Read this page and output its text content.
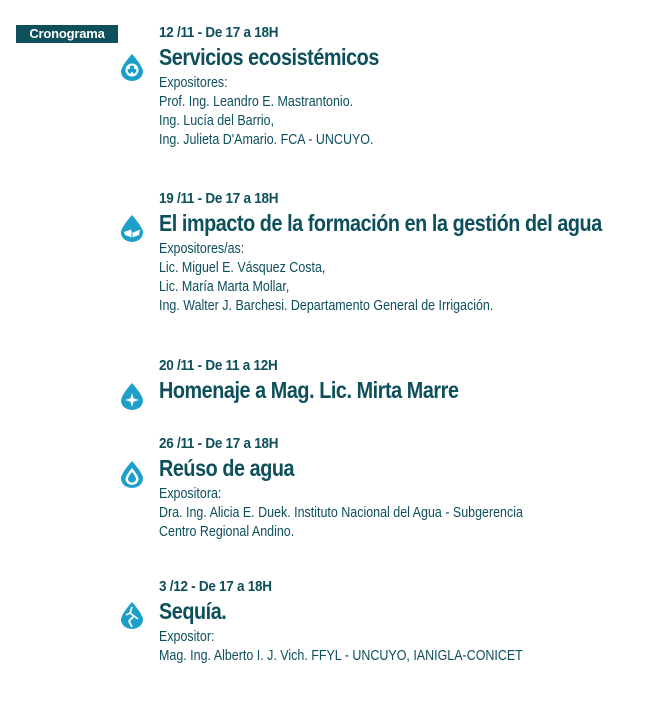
Cronograma	12 /11 - De 17 a 18H
Servicios ecosistémicos
Expositores:
Prof. Ing. Leandro E. Mastrantonio.
Ing. Lucía del Barrio,
Ing. Julieta D'Amario. FCA - UNCUYO.
19 /11 - De 17 a 18H
El impacto de la formación en la gestión del agua
Expositores/as:
Lic. Miguel E. Vásquez Costa,
Lic. María Marta Mollar,
Ing. Walter J. Barchesi. Departamento General de Irrigación.
20 /11 - De 11 a 12H
Homenaje a Mag. Lic. Mirta Marre
26 /11 - De 17 a 18H
Reúso de agua
Expositora:
Dra. Ing. Alicia E. Duek. Instituto Nacional del Agua - Subgerencia
Centro Regional Andino.
3 /12 - De 17 a 18H
Sequía.
Expositor:
Mag. Ing. Alberto I. J. Vich. FFYL - UNCUYO, IANIGLA-CONICET
